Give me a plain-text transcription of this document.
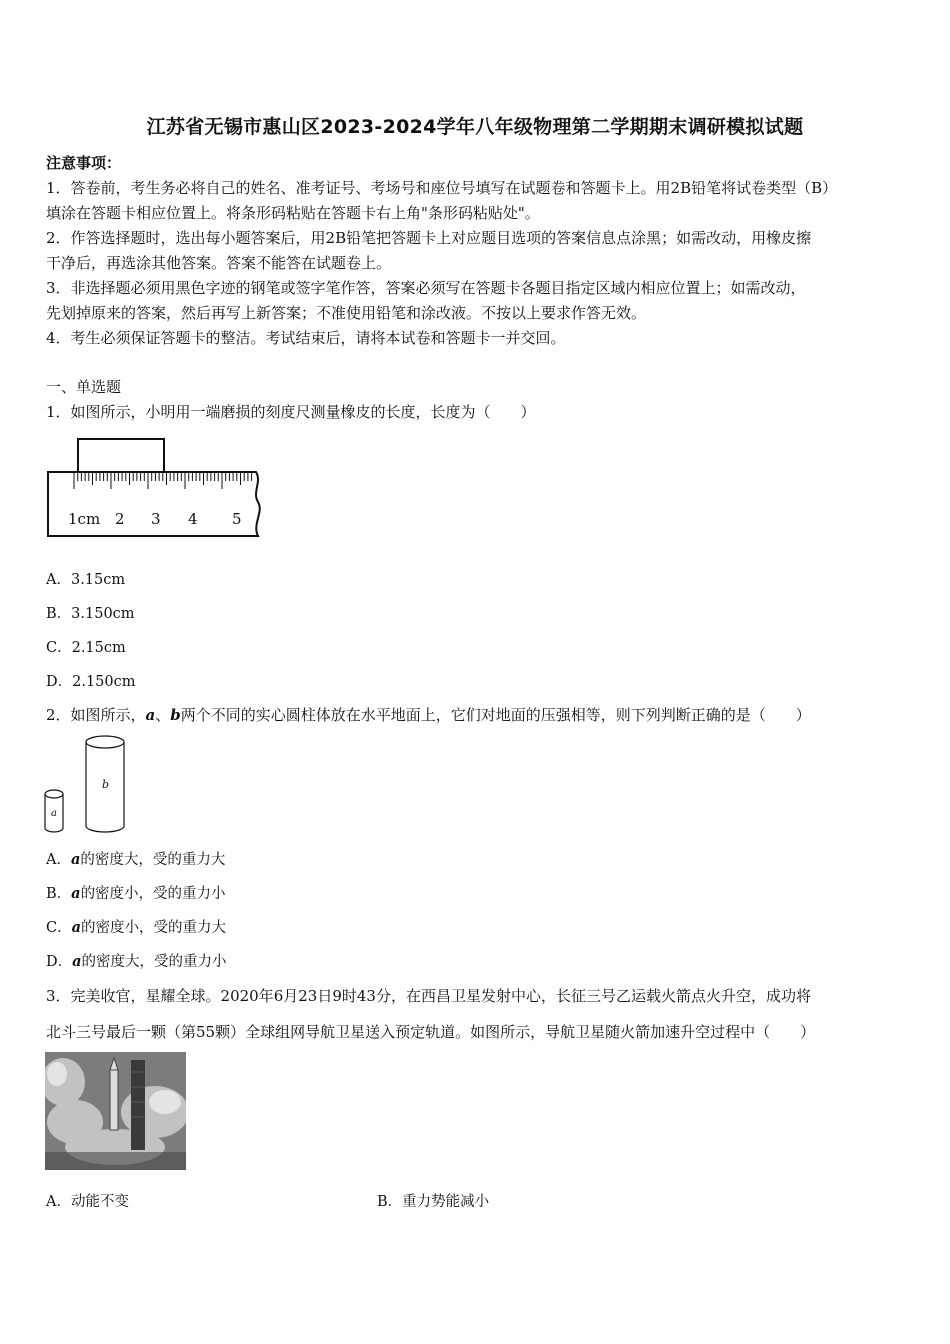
江苏省无锡市惠山区2023-2024学年八年级物理第二学期期末调研模拟试题
注意事项：
1．答卷前，考生务必将自己的姓名、准考证号、考场号和座位号填写在试题卷和答题卡上。用2B铅笔将试卷类型（B）
填涂在答题卡相应位置上。将条形码粘贴在答题卡右上角"条形码粘贴处"。
2．作答选择题时，选出每小题答案后，用2B铅笔把答题卡上对应题目选项的答案信息点涂黑；如需改动，用橡皮擦
干净后，再选涂其他答案。答案不能答在试题卷上。
3．非选择题必须用黑色字迹的钢笔或签字笔作答，答案必须写在答题卡各题目指定区域内相应位置上；如需改动，
先划掉原来的答案，然后再写上新答案；不准使用铅笔和涂改液。不按以上要求作答无效。
4．考生必须保证答题卡的整洁。考试结束后，请将本试卷和答题卡一并交回。
一、单选题
1．如图所示，小明用一端磨损的刻度尺测量橡皮的长度，长度为（　　）
1cm 2 3 4 5
A．3.15cm
B．3.150cm
C．2.15cm
D．2.150cm
2．如图所示，a、b两个不同的实心圆柱体放在水平地面上，它们对地面的压强相等，则下列判断正确的是（　　）
a
b
A．a的密度大，受的重力大
B．a的密度小，受的重力小
C．a的密度小，受的重力大
D．a的密度大，受的重力小
3．完美收官，星耀全球。2020年6月23日9时43分，在西昌卫星发射中心，长征三号乙运载火箭点火升空，成功将
北斗三号最后一颗（第55颗）全球组网导航卫星送入预定轨道。如图所示，导航卫星随火箭加速升空过程中（　　）
A．动能不变	B．重力势能减小
